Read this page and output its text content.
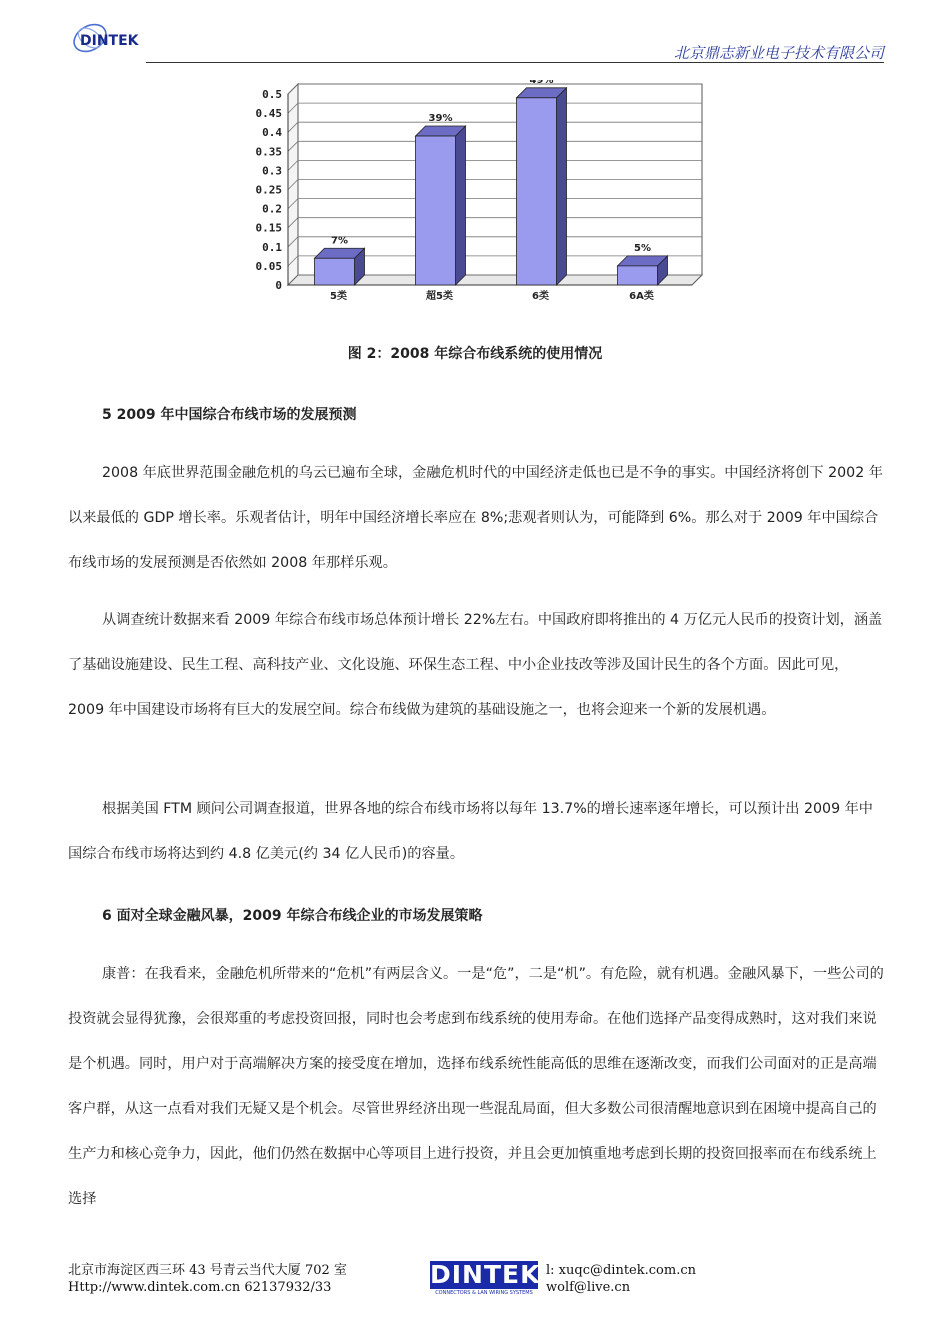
DINTEK
北京鼎志新业电子技术有限公司
0
0.05
0.1
0.15
0.2
0.25
0.3
0.35
0.4
0.45
0.5
7%
5类
39%
超5类
49%
6类
5%
6A类
图 2：2008 年综合布线系统的使用情况
5 2009 年中国综合布线市场的发展预测
2008 年底世界范围金融危机的乌云已遍布全球，金融危机时代的中国经济走低也已是不争的事实。中国经济将创下 2002 年以来最低的 GDP 增长率。乐观者估计，明年中国经济增长率应在 8%;悲观者则认为，可能降到 6%。那么对于 2009 年中国综合布线市场的发展预测是否依然如 2008 年那样乐观。
从调查统计数据来看 2009 年综合布线市场总体预计增长 22%左右。中国政府即将推出的 4 万亿元人民币的投资计划，涵盖了基础设施建设、民生工程、高科技产业、文化设施、环保生态工程、中小企业技改等涉及国计民生的各个方面。因此可见，2009 年中国建设市场将有巨大的发展空间。综合布线做为建筑的基础设施之一，也将会迎来一个新的发展机遇。
根据美国 FTM 顾问公司调查报道，世界各地的综合布线市场将以每年 13.7%的增长速率逐年增长，可以预计出 2009 年中国综合布线市场将达到约 4.8 亿美元(约 34 亿人民币)的容量。
6 面对全球金融风暴，2009 年综合布线企业的市场发展策略
康普：在我看来，金融危机所带来的“危机”有两层含义。一是“危”，二是“机”。有危险，就有机遇。金融风暴下，一些公司的投资就会显得犹豫，会很郑重的考虑投资回报，同时也会考虑到布线系统的使用寿命。在他们选择产品变得成熟时，这对我们来说是个机遇。同时，用户对于高端解决方案的接受度在增加，选择布线系统性能高低的思维在逐渐改变，而我们公司面对的正是高端客户群，从这一点看对我们无疑又是个机会。尽管世界经济出现一些混乱局面，但大多数公司很清醒地意识到在困境中提高自己的生产力和核心竞争力，因此，他们仍然在数据中心等项目上进行投资，并且会更加慎重地考虑到长期的投资回报率而在布线系统上选择
北京市海淀区西三环 43 号青云当代大厦 702 室
Http://www.dintek.com.cn 62137932/33	DINTEK
CONNECTORS & LAN WIRING SYSTEMS
l: xuqc@dintek.com.cn
wolf@live.cn
